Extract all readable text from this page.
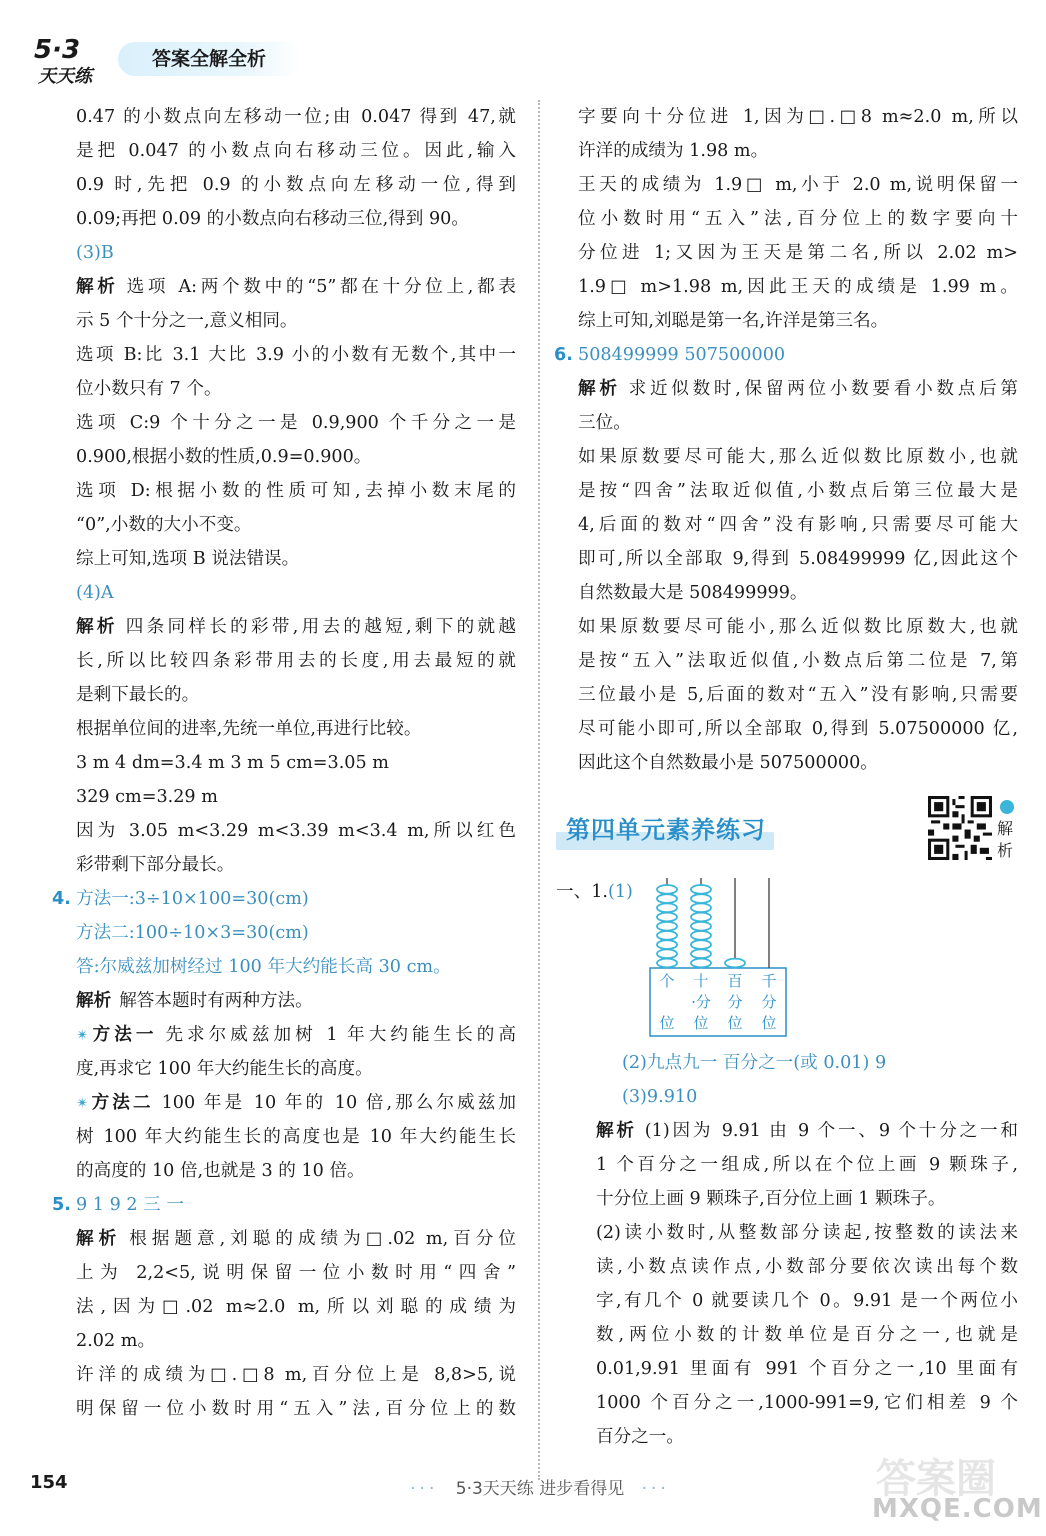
5·3
天天练
答案全解全析
0.47 的小数点向左移动一位;由 0.047 得到 47,就
是把 0.047 的小数点向右移动三位。因此,输入
0.9 时,先把 0.9 的小数点向左移动一位,得到
0.09;再把 0.09 的小数点向右移动三位,得到 90。
(3)B
解析 选项 A:两个数中的“5”都在十分位上,都表
示 5 个十分之一,意义相同。
选项 B:比 3.1 大比 3.9 小的小数有无数个,其中一
位小数只有 7 个。
选项 C:9 个十分之一是 0.9,900 个千分之一是
0.900,根据小数的性质,0.9=0.900。
选项 D:根据小数的性质可知,去掉小数末尾的
“0”,小数的大小不变。
综上可知,选项 B 说法错误。
(4)A
解析 四条同样长的彩带,用去的越短,剩下的就越
长,所以比较四条彩带用去的长度,用去最短的就
是剩下最长的。
根据单位间的进率,先统一单位,再进行比较。
3 m 4 dm=3.4 m 3 m 5 cm=3.05 m
329 cm=3.29 m
因为 3.05 m<3.29 m<3.39 m<3.4 m,所以红色
彩带剩下部分最长。
4. 方法一:3÷10×100=30(cm)
方法二:100÷10×3=30(cm)
答:尔威兹加树经过 100 年大约能长高 30 cm。
解析 解答本题时有两种方法。
✴方法一 先求尔威兹加树 1 年大约能生长的高
度,再求它 100 年大约能生长的高度。
✴方法二 100 年是 10 年的 10 倍,那么尔威兹加
树 100 年大约能生长的高度也是 10 年大约能生长
的高度的 10 倍,也就是 3 的 10 倍。
5. 9 1 9 2 三 一
解析 根据题意,刘聪的成绩为□.02 m,百分位
上为 2,2<5,说明保留一位小数时用“四舍”
法,因为□.02 m≈2.0 m,所以刘聪的成绩为
2.02 m。
许洋的成绩为□.□8 m,百分位上是 8,8>5,说
明保留一位小数时用“五入”法,百分位上的数
字要向十分位进 1,因为□.□8 m≈2.0 m,所以
许洋的成绩为 1.98 m。
王天的成绩为 1.9□ m,小于 2.0 m,说明保留一
位小数时用“五入”法,百分位上的数字要向十
分位进 1;又因为王天是第二名,所以 2.02 m>
1.9□ m>1.98 m,因此王天的成绩是 1.99 m。
综上可知,刘聪是第一名,许洋是第三名。
6. 508499999 507500000
解析 求近似数时,保留两位小数要看小数点后第
三位。
如果原数要尽可能大,那么近似数比原数小,也就
是按“四舍”法取近似值,小数点后第三位最大是
4,后面的数对“四舍”没有影响,只需要尽可能大
即可,所以全部取 9,得到 5.08499999 亿,因此这个
自然数最大是 508499999。
如果原数要尽可能小,那么近似数比原数大,也就
是按“五入”法取近似值,小数点后第二位是 7,第
三位最小是 5,后面的数对“五入”没有影响,只需要
尽可能小即可,所以全部取 0,得到 5.07500000 亿,
因此这个自然数最小是 507500000。
第四单元素养练习	解析
一、1.(1)
个
位
十
·分
位
百
分
位
千
分
位
(2)九点九一 百分之一(或 0.01) 9
(3)9.910
解析 (1)因为 9.91 由 9 个一、9 个十分之一和
1 个百分之一组成,所以在个位上画 9 颗珠子,
十分位上画 9 颗珠子,百分位上画 1 颗珠子。
(2)读小数时,从整数部分读起,按整数的读法来
读,小数点读作点,小数部分要依次读出每个数
字,有几个 0 就要读几个 0。9.91 是一个两位小
数,两位小数的计数单位是百分之一,也就是
0.01,9.91 里面有 991 个百分之一,10 里面有
1000 个百分之一,1000-991=9,它们相差 9 个
百分之一。
154	··· 5·3天天练 进步看得见 ···	答案圈
MXQE.COM
